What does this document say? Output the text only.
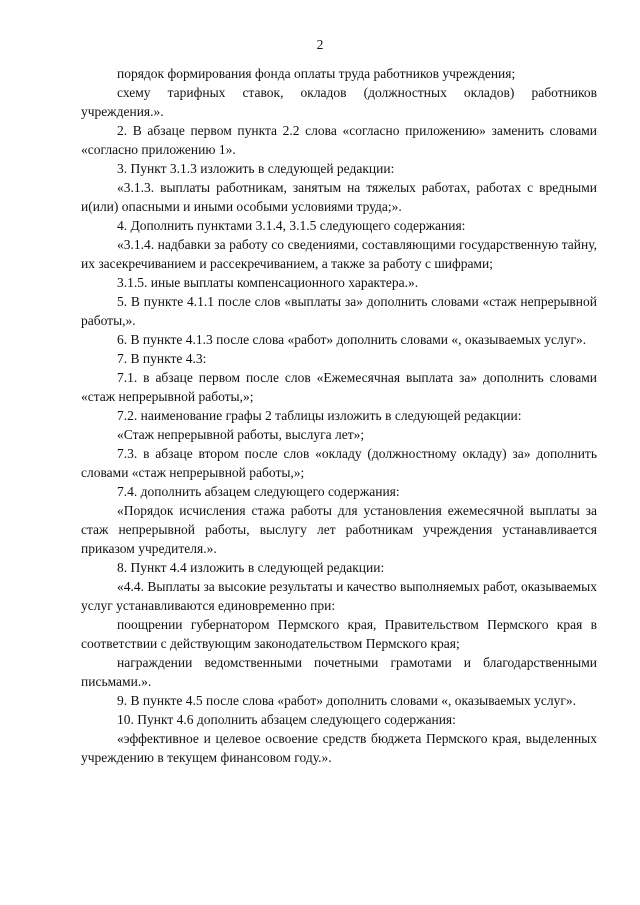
2

порядок формирования фонда оплаты труда работников учреждения;

схему тарифных ставок, окладов (должностных окладов) работников учреждения.».

2. В абзаце первом пункта 2.2 слова «согласно приложению» заменить словами «согласно приложению 1».

3. Пункт 3.1.3 изложить в следующей редакции:

«3.1.3. выплаты работникам, занятым на тяжелых работах, работах с вредными и(или) опасными и иными особыми условиями труда;».

4. Дополнить пунктами 3.1.4, 3.1.5 следующего содержания:

«3.1.4. надбавки за работу со сведениями, составляющими государственную тайну, их засекречиванием и рассекречиванием, а также за работу с шифрами;

3.1.5. иные выплаты компенсационного характера.».

5. В пункте 4.1.1 после слов «выплаты за» дополнить словами «стаж непрерывной работы,».

6. В пункте 4.1.3 после слова «работ» дополнить словами «, оказываемых услуг».

7. В пункте 4.3:

7.1. в абзаце первом после слов «Ежемесячная выплата за» дополнить словами «стаж непрерывной работы,»;

7.2. наименование графы 2 таблицы изложить в следующей редакции:

«Стаж непрерывной работы, выслуга лет»;

7.3. в абзаце втором после слов «окладу (должностному окладу) за» дополнить словами «стаж непрерывной работы,»;

7.4. дополнить абзацем следующего содержания:

«Порядок исчисления стажа работы для установления ежемесячной выплаты за стаж непрерывной работы, выслугу лет работникам учреждения устанавливается приказом учредителя.».

8. Пункт 4.4 изложить в следующей редакции:

«4.4. Выплаты за высокие результаты и качество выполняемых работ, оказываемых услуг устанавливаются единовременно при:

поощрении губернатором Пермского края, Правительством Пермского края в соответствии с действующим законодательством Пермского края;

награждении ведомственными почетными грамотами и благодарственными письмами.».

9. В пункте 4.5 после слова «работ» дополнить словами «, оказываемых услуг».

10. Пункт 4.6 дополнить абзацем следующего содержания:

«эффективное и целевое освоение средств бюджета Пермского края, выделенных учреждению в текущем финансовом году.».
